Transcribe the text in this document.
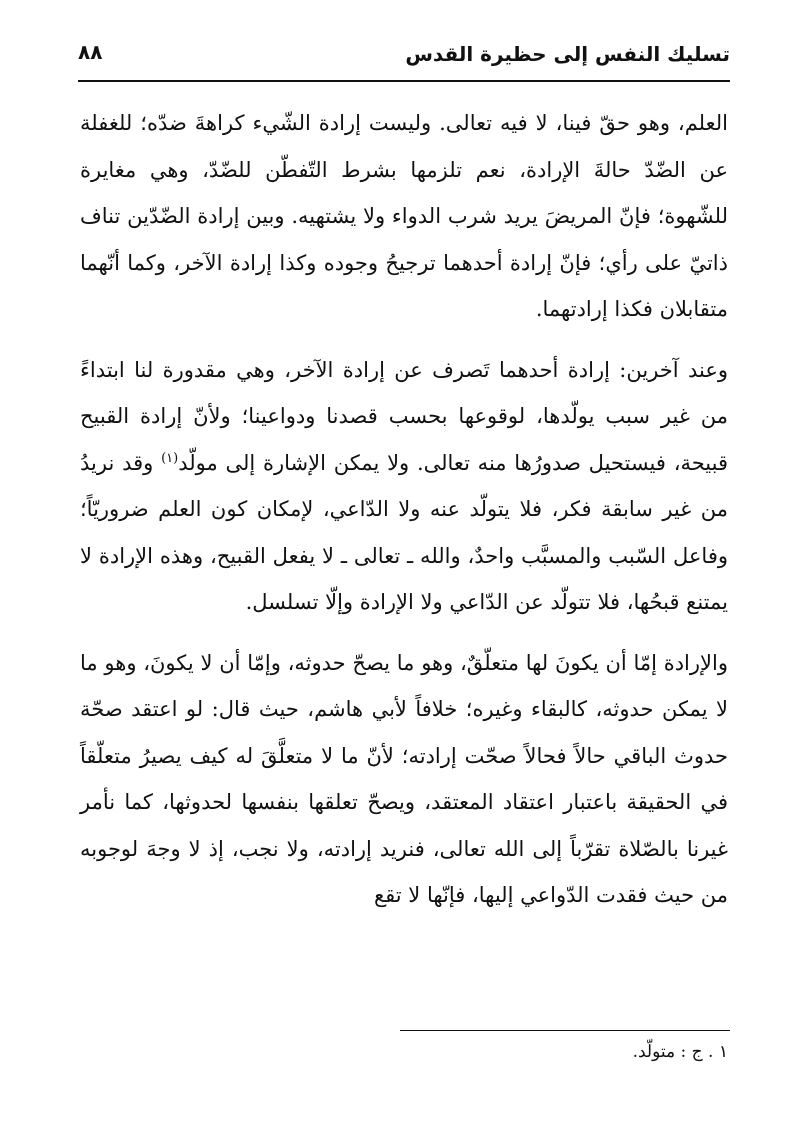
تسليك النفس إلى حظيرة القدس
٨٨

العلم، وهو حقّ فينا، لا فيه تعالى. وليست إرادة الشّيء كراهةَ ضدّه؛ للغفلة عن الضّدّ حالةَ الإرادة، نعم تلزمها بشرط التّفطّن للضّدّ، وهي مغايرة للشّهوة؛ فإنّ المريضَ يريد شرب الدواء ولا يشتهيه. وبين إرادة الضّدّين تناف ذاتيّ على رأي؛ فإنّ إرادة أحدهما ترجيحُ وجوده وكذا إرادة الآخر، وكما أنّهما متقابلان فكذا إرادتهما.

وعند آخرين: إرادة أحدهما تَصرف عن إرادة الآخر، وهي مقدورة لنا ابتداءً من غير سبب يولّدها، لوقوعها بحسب قصدنا ودواعينا؛ ولأنّ إرادة القبيح قبيحة، فيستحيل صدورُها منه تعالى. ولا يمكن الإشارة إلى مولّد$^{(١)}$ وقد نريدُ من غير سابقة فكر، فلا يتولّد عنه ولا الدّاعي، لإمكان كون العلم ضروريّاً؛ وفاعل السّبب والمسبَّب واحدٌ، والله ـ تعالى ـ لا يفعل القبيح، وهذه الإرادة لا يمتنع قبحُها، فلا تتولّد عن الدّاعي ولا الإرادة وإلّا تسلسل.

والإرادة إمّا أن يكونَ لها متعلّقٌ، وهو ما يصحّ حدوثه، وإمّا أن لا يكونَ، وهو ما لا يمكن حدوثه، كالبقاء وغيره؛ خلافاً لأبي هاشم، حيث قال: لو اعتقد صحّة حدوث الباقي حالاً فحالاً صحّت إرادته؛ لأنّ ما لا متعلَّقَ له كيف يصيرُ متعلّقاً في الحقيقة باعتبار اعتقاد المعتقد، ويصحّ تعلقها بنفسها لحدوثها، كما نأمر غيرنا بالصّلاة تقرّباً إلى الله تعالى، فنريد إرادته، ولا نجب، إذ لا وجهَ لوجوبه من حيث فقدت الدّواعي إليها، فإنّها لا تقع

١ . ج : متولّد.
